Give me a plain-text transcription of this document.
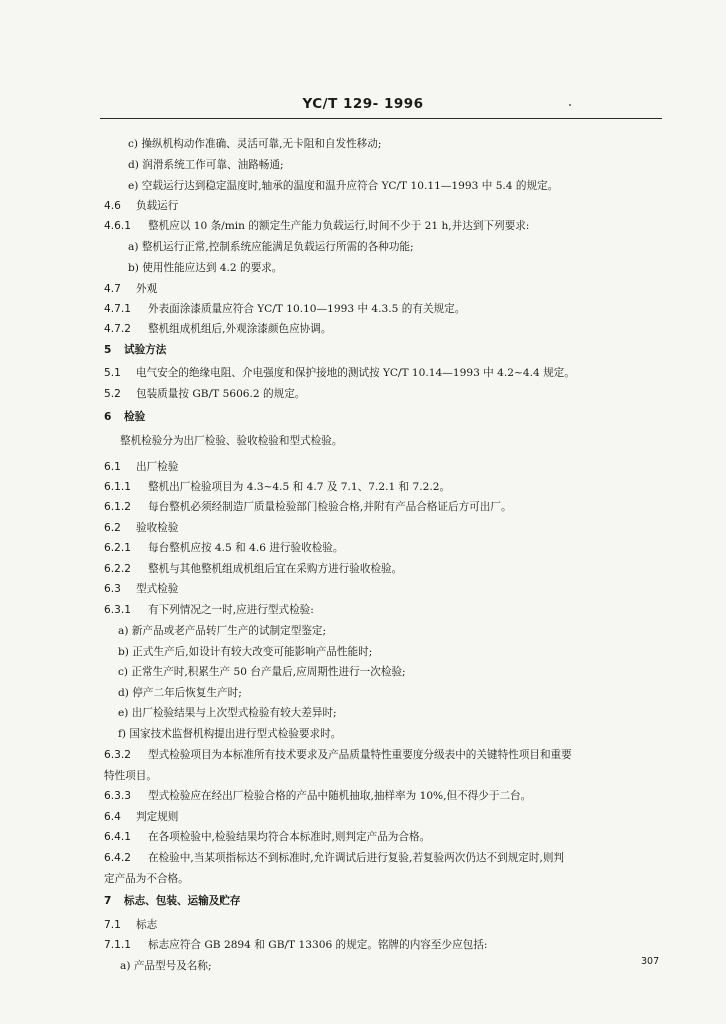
YC/T 129- 1996
c) 操纵机构动作准确、灵活可靠,无卡阻和自发性移动;
d) 润滑系统工作可靠、油路畅通;
e) 空载运行达到稳定温度时,轴承的温度和温升应符合 YC/T 10.11—1993 中 5.4 的规定。
4.6 负载运行
4.6.1 整机应以 10 条/min 的额定生产能力负载运行,时间不少于 21 h,并达到下列要求:
a) 整机运行正常,控制系统应能满足负载运行所需的各种功能;
b) 使用性能应达到 4.2 的要求。
4.7 外观
4.7.1 外表面涂漆质量应符合 YC/T 10.10—1993 中 4.3.5 的有关规定。
4.7.2 整机组成机组后,外观涂漆颜色应协调。
5 试验方法
5.1 电气安全的绝缘电阻、介电强度和保护接地的测试按 YC/T 10.14—1993 中 4.2~4.4 规定。
5.2 包装质量按 GB/T 5606.2 的规定。
6 检验
整机检验分为出厂检验、验收检验和型式检验。
6.1 出厂检验
6.1.1 整机出厂检验项目为 4.3~4.5 和 4.7 及 7.1、7.2.1 和 7.2.2。
6.1.2 每台整机必须经制造厂质量检验部门检验合格,并附有产品合格证后方可出厂。
6.2 验收检验
6.2.1 每台整机应按 4.5 和 4.6 进行验收检验。
6.2.2 整机与其他整机组成机组后宜在采购方进行验收检验。
6.3 型式检验
6.3.1 有下列情况之一时,应进行型式检验:
a) 新产品或老产品转厂生产的试制定型鉴定;
b) 正式生产后,如设计有较大改变可能影响产品性能时;
c) 正常生产时,积累生产 50 台产量后,应周期性进行一次检验;
d) 停产二年后恢复生产时;
e) 出厂检验结果与上次型式检验有较大差异时;
f) 国家技术监督机构提出进行型式检验要求时。
6.3.2 型式检验项目为本标准所有技术要求及产品质量特性重要度分级表中的关键特性项目和重要
特性项目。
6.3.3 型式检验应在经出厂检验合格的产品中随机抽取,抽样率为 10%,但不得少于二台。
6.4 判定规则
6.4.1 在各项检验中,检验结果均符合本标准时,则判定产品为合格。
6.4.2 在检验中,当某项指标达不到标准时,允许调试后进行复验,若复验两次仍达不到规定时,则判
定产品为不合格。
7 标志、包装、运输及贮存
7.1 标志
7.1.1 标志应符合 GB 2894 和 GB/T 13306 的规定。铭牌的内容至少应包括:
a) 产品型号及名称;	307
